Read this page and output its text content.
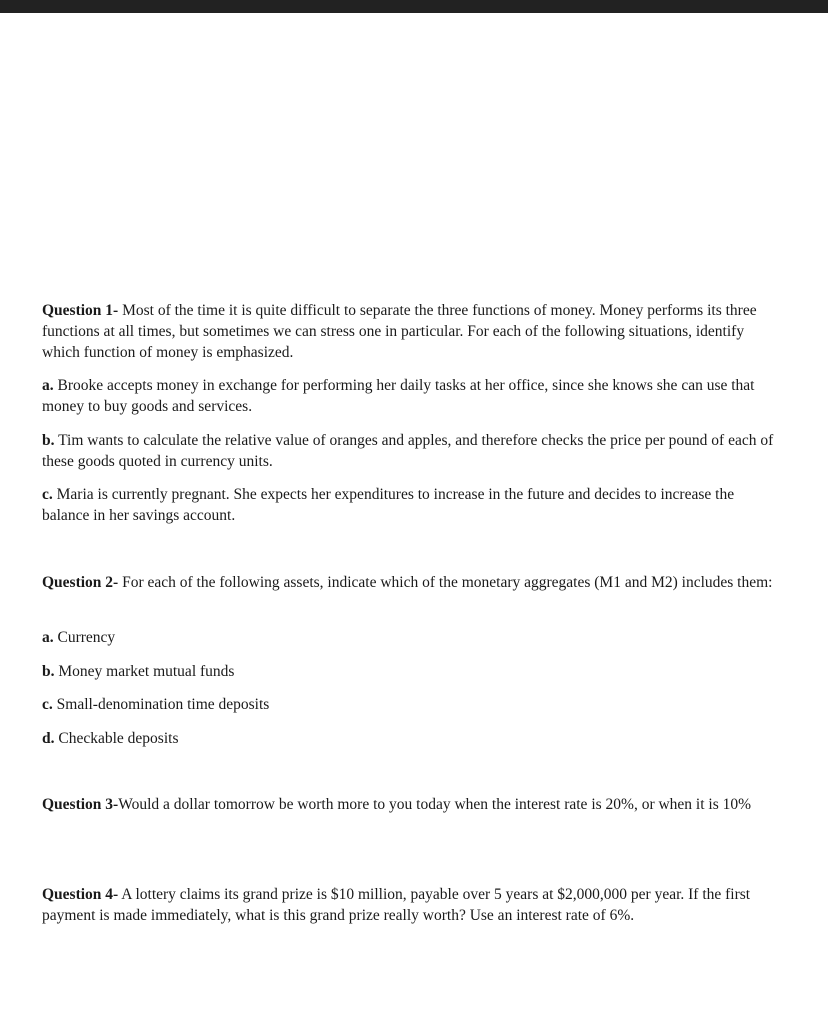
Question 1- Most of the time it is quite difficult to separate the three functions of money. Money performs its three functions at all times, but sometimes we can stress one in particular. For each of the following situations, identify which function of money is emphasized.

a. Brooke accepts money in exchange for performing her daily tasks at her office, since she knows she can use that money to buy goods and services.

b. Tim wants to calculate the relative value of oranges and apples, and therefore checks the price per pound of each of these goods quoted in currency units.

c. Maria is currently pregnant. She expects her expenditures to increase in the future and decides to increase the balance in her savings account.

Question 2- For each of the following assets, indicate which of the monetary aggregates (M1 and M2) includes them:

a. Currency

b. Money market mutual funds

c. Small-denomination time deposits

d. Checkable deposits

Question 3-Would a dollar tomorrow be worth more to you today when the interest rate is 20%, or when it is 10%

Question 4- A lottery claims its grand prize is $10 million, payable over 5 years at $2,000,000 per year. If the first payment is made immediately, what is this grand prize really worth? Use an interest rate of 6%.
